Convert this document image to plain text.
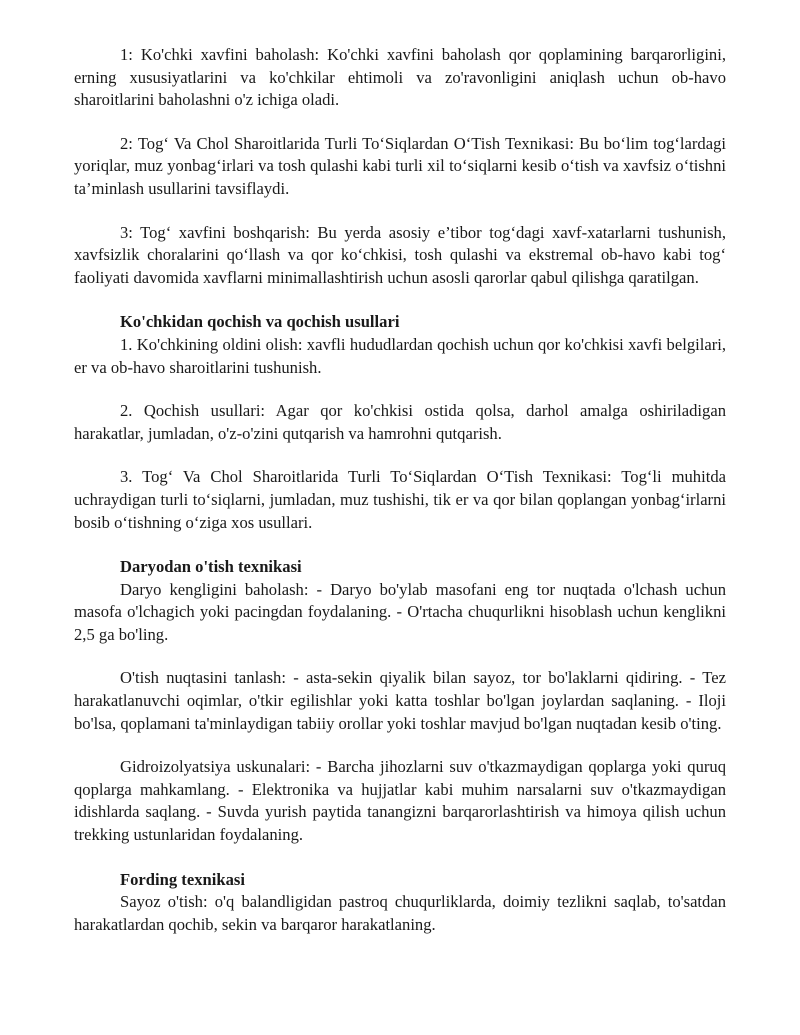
1: Ko'chki xavfini baholash: Ko'chki xavfini baholash qor qoplamining barqarorligini, erning xususiyatlarini va ko'chkilar ehtimoli va zo'ravonligini aniqlash uchun ob-havo sharoitlarini baholashni o'z ichiga oladi.

2: Tog‘ Va Chol Sharoitlarida Turli To‘Siqlardan O‘Tish Texnikasi: Bu bo‘lim tog‘lardagi yoriqlar, muz yonbag‘irlari va tosh qulashi kabi turli xil to‘siqlarni kesib o‘tish va xavfsiz o‘tishni ta’minlash usullarini tavsiflaydi.

3: Tog‘ xavfini boshqarish: Bu yerda asosiy e’tibor tog‘dagi xavf-xatarlarni tushunish, xavfsizlik choralarini qo‘llash va qor ko‘chkisi, tosh qulashi va ekstremal ob-havo kabi tog‘ faoliyati davomida xavflarni minimallashtirish uchun asosli qarorlar qabul qilishga qaratilgan.

Ko'chkidan qochish va qochish usullari

1. Ko'chkining oldini olish: xavfli hududlardan qochish uchun qor ko'chkisi xavfi belgilari, er va ob-havo sharoitlarini tushunish.

2. Qochish usullari: Agar qor ko'chkisi ostida qolsa, darhol amalga oshiriladigan harakatlar, jumladan, o'z-o'zini qutqarish va hamrohni qutqarish.

3. Tog‘ Va Chol Sharoitlarida Turli To‘Siqlardan O‘Tish Texnikasi: Tog‘li muhitda uchraydigan turli to‘siqlarni, jumladan, muz tushishi, tik er va qor bilan qoplangan yonbag‘irlarni bosib o‘tishning o‘ziga xos usullari.

Daryodan o'tish texnikasi

Daryo kengligini baholash: - Daryo bo'ylab masofani eng tor nuqtada o'lchash uchun masofa o'lchagich yoki pacingdan foydalaning. - O'rtacha chuqurlikni hisoblash uchun kenglikni 2,5 ga bo'ling.

O'tish nuqtasini tanlash: - asta-sekin qiyalik bilan sayoz, tor bo'laklarni qidiring. - Tez harakatlanuvchi oqimlar, o'tkir egilishlar yoki katta toshlar bo'lgan joylardan saqlaning. - Iloji bo'lsa, qoplamani ta'minlaydigan tabiiy orollar yoki toshlar mavjud bo'lgan nuqtadan kesib o'ting.

Gidroizolyatsiya uskunalari: - Barcha jihozlarni suv o'tkazmaydigan qoplarga yoki quruq qoplarga mahkamlang. - Elektronika va hujjatlar kabi muhim narsalarni suv o'tkazmaydigan idishlarda saqlang. - Suvda yurish paytida tanangizni barqarorlashtirish va himoya qilish uchun trekking ustunlaridan foydalaning.

Fording texnikasi

Sayoz o'tish: o'q balandligidan pastroq chuqurliklarda, doimiy tezlikni saqlab, to'satdan harakatlardan qochib, sekin va barqaror harakatlaning.
